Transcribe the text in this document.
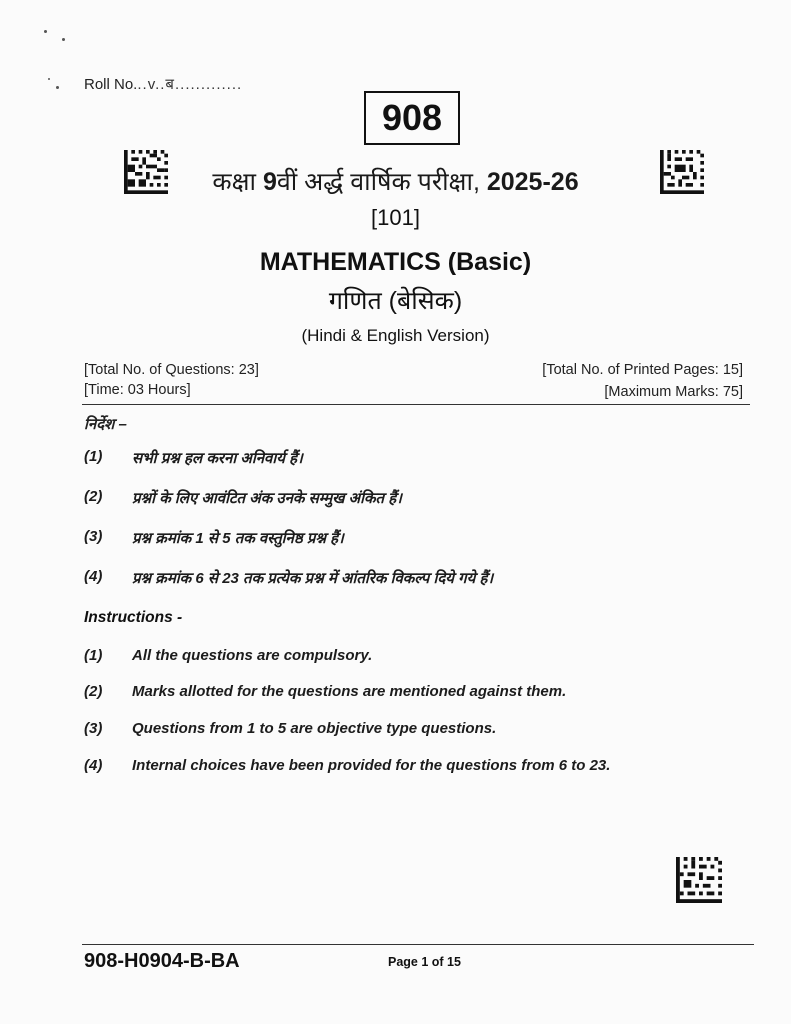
Roll No...v..ब.............
908
कक्षा 9वीं अर्द्ध वार्षिक परीक्षा, 2025-26
[101]
MATHEMATICS (Basic)
गणित (बेसिक)
(Hindi & English Version)
[Total No. of Questions: 23]
[Time: 03 Hours]
[Total No. of Printed Pages: 15]
[Maximum Marks: 75]
निर्देश –
(1)	सभी प्रश्न हल करना अनिवार्य हैं।
(2)	प्रश्नों के लिए आवंटित अंक उनके सम्मुख अंकित हैं।
(3)	प्रश्न क्रमांक 1 से 5 तक वस्तुनिष्ठ प्रश्न हैं।
(4)	प्रश्न क्रमांक 6 से 23 तक प्रत्येक प्रश्न में आंतरिक विकल्प दिये गये हैं।
Instructions -
(1)	All the questions are compulsory.
(2)	Marks allotted for the questions are mentioned against them.
(3)	Questions from 1 to 5 are objective type questions.
(4)	Internal choices have been provided for the questions from 6 to 23.
908-H0904-B-BA	Page 1 of 15
